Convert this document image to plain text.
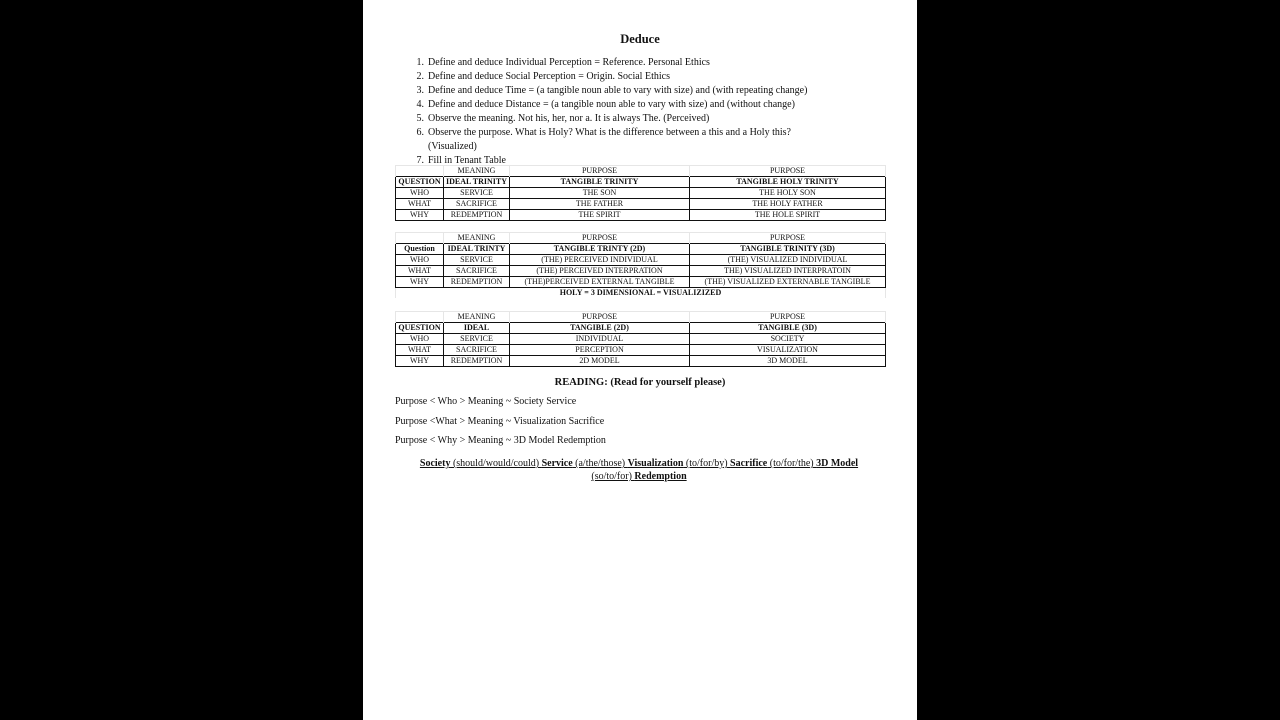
Deduce
1. Define and deduce Individual Perception = Reference. Personal Ethics
2. Define and deduce Social Perception = Origin. Social Ethics
3. Define and deduce Time = (a tangible noun able to vary with size) and (with repeating change)
4. Define and deduce Distance = (a tangible noun able to vary with size) and (without change)
5. Observe the meaning. Not his, her, nor a. It is always The. (Perceived)
6. Observe the purpose. What is Holy? What is the difference between a this and a Holy this?
(Visualized)
7. Fill in Tenant Table
	MEANING	PURPOSE	PURPOSE
QUESTION	IDEAL TRINITY	TANGIBLE TRINITY	TANGIBLE HOLY TRINITY
WHO	SERVICE	THE SON	THE HOLY SON
WHAT	SACRIFICE	THE FATHER	THE HOLY FATHER
WHY	REDEMPTION	THE SPIRIT	THE HOLE SPIRIT
	MEANING	PURPOSE	PURPOSE
Question	IDEAL TRINTY	TANGIBLE TRINTY (2D)	TANGIBLE TRINITY (3D)
WHO	SERVICE	(THE) PERCEIVED INDIVIDUAL	(THE) VISUALIZED INDIVIDUAL
WHAT	SACRIFICE	(THE) PERCEIVED INTERPRATION	THE) VISUALIZED INTERPRATOIN
WHY	REDEMPTION	(THE)PERCEIVED EXTERNAL TANGIBLE	(THE) VISUALIZED EXTERNABLE TANGIBLE
HOLY = 3 DIMENSIONAL = VISUALIZIZED			
	MEANING	PURPOSE	PURPOSE
QUESTION	IDEAL	TANGIBLE (2D)	TANGIBLE (3D)
WHO	SERVICE	INDIVIDUAL	SOCIETY
WHAT	SACRIFICE	PERCEPTION	VISUALIZATION
WHY	REDEMPTION	2D MODEL	3D MODEL
READING: (Read for yourself please)
Purpose < Who > Meaning ~ Society Service
Purpose <What > Meaning ~ Visualization Sacrifice
Purpose < Why > Meaning ~ 3D Model Redemption
Society (should/would/could) Service (a/the/those) Visualization (to/for/by) Sacrifice (to/for/the) 3D Model
(so/to/for) Redemption
